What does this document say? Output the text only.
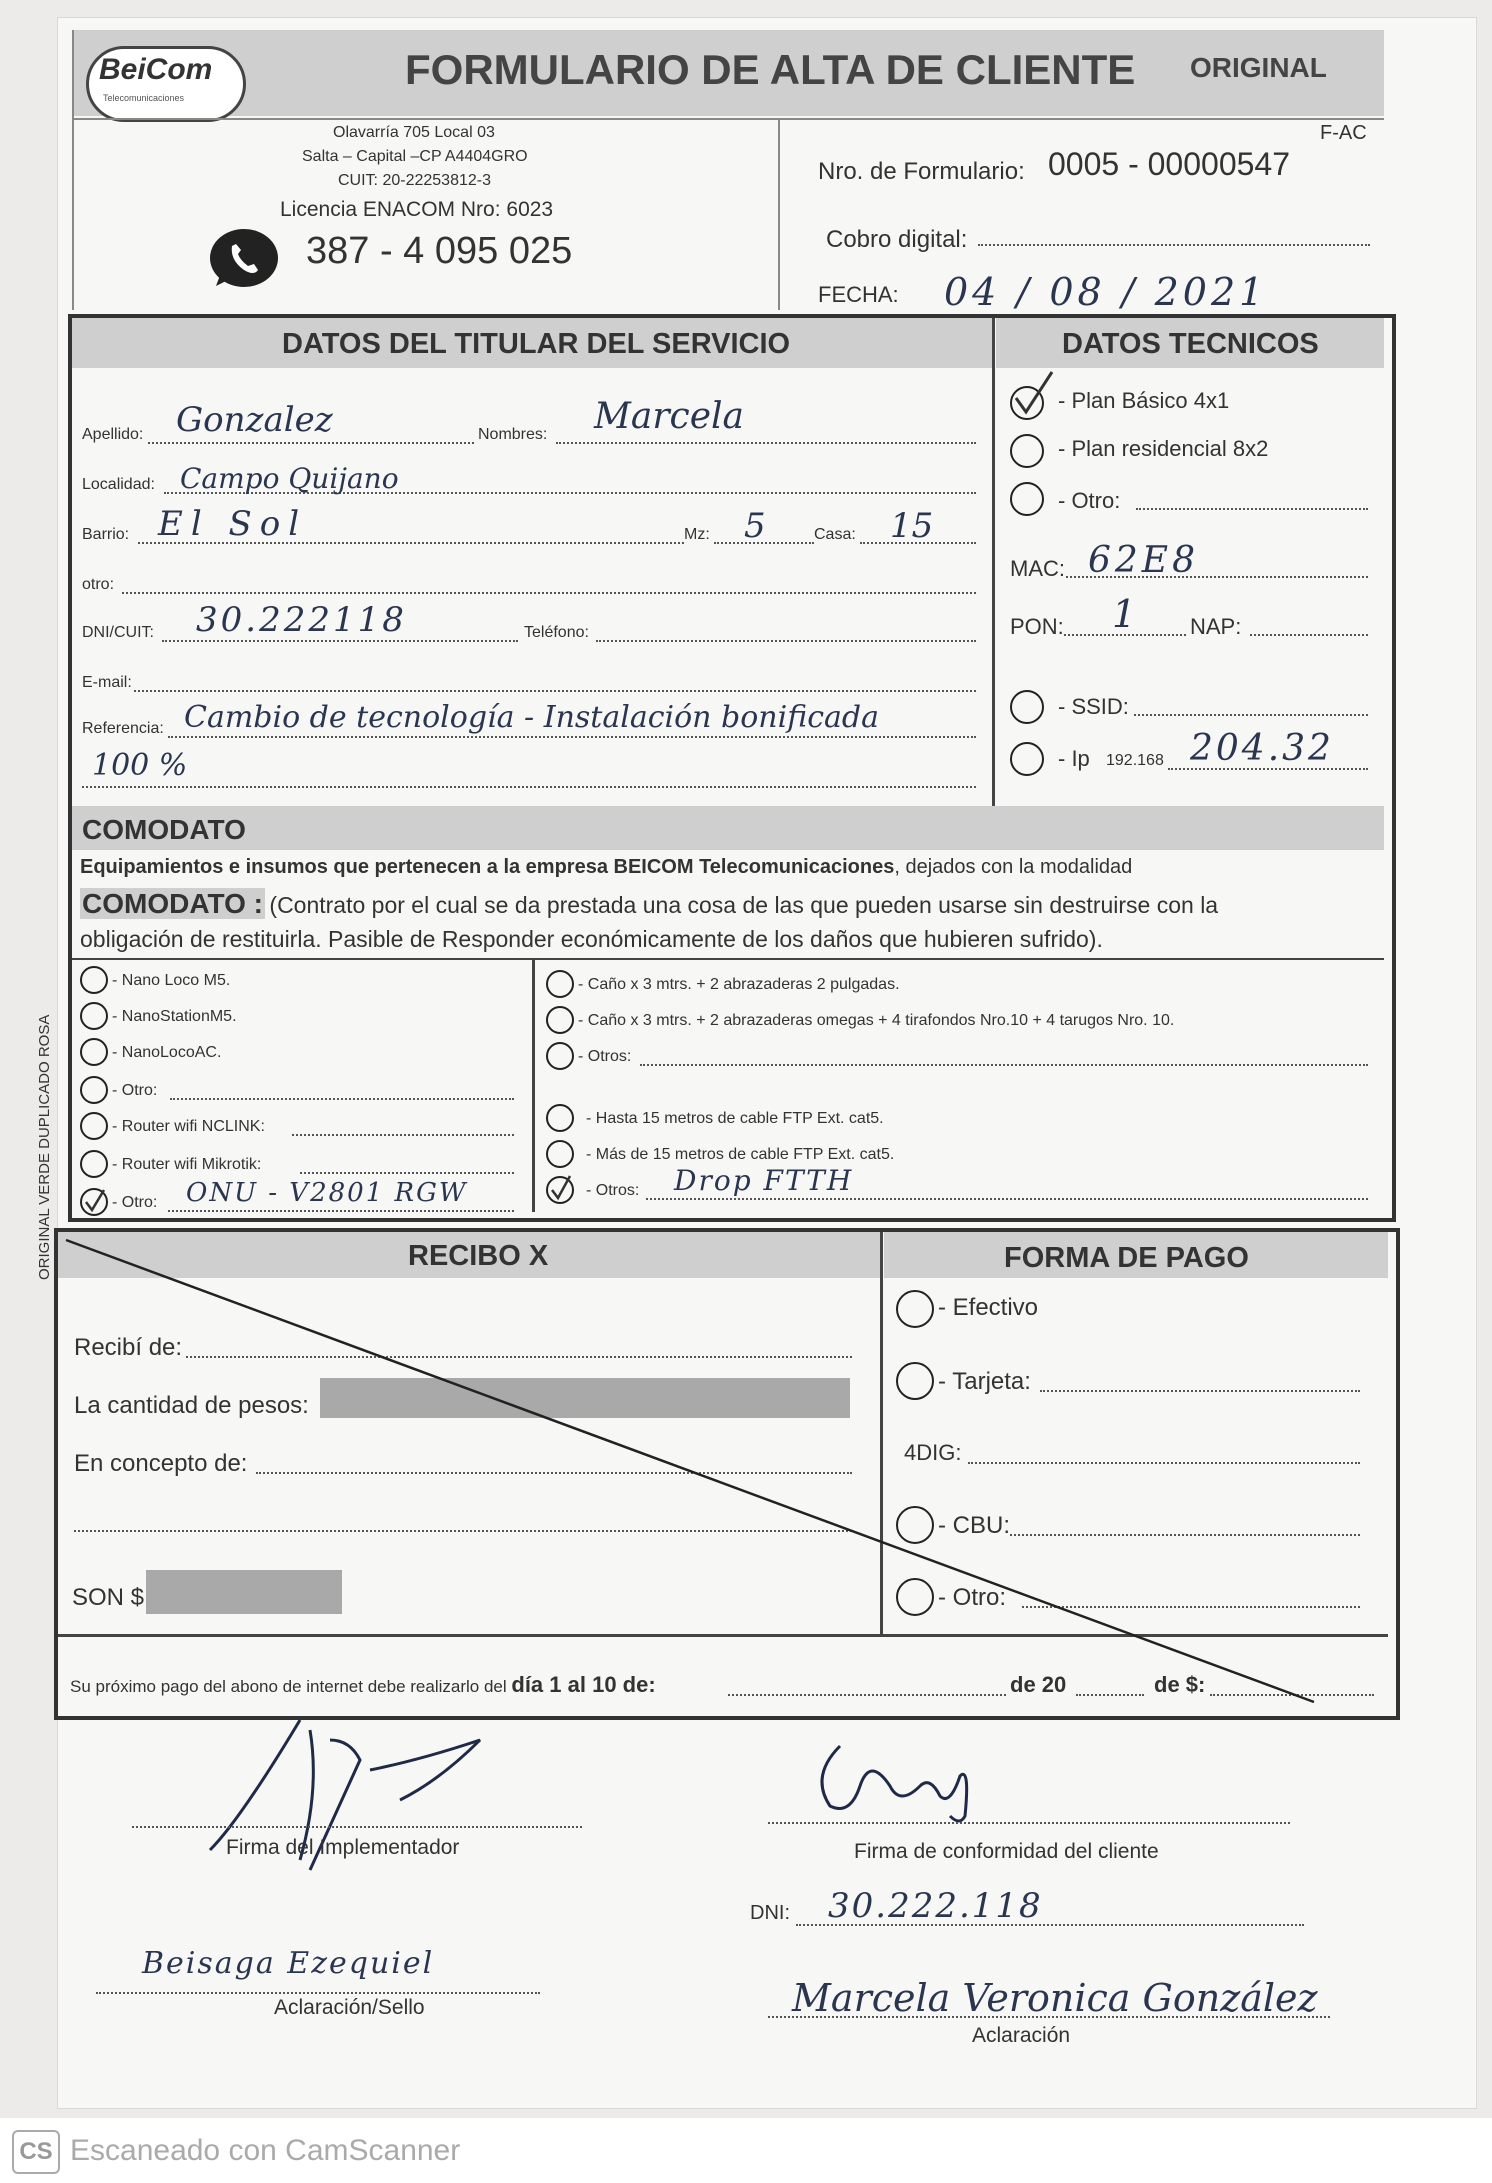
BeiCom
Telecomunicaciones
FORMULARIO DE ALTA DE CLIENTE ORIGINAL
F-AC
Olavarría 705 Local 03
Salta – Capital –CP A4404GRO
CUIT: 20-22253812-3
Licencia ENACOM Nro: 6023
387 - 4 095 025
Nro. de Formulario: 0005 - 00000547
Cobro digital:
FECHA: 04 / 08 / 2021
DATOS DEL TITULAR DEL SERVICIO	DATOS TECNICOS
Apellido: Gonzalez	Nombres: Marcela
Localidad: Campo Quijano
Barrio: El Sol	Mz: 5	Casa: 15
otro:
DNI/CUIT: 30.222118	Teléfono:
E-mail:
Referencia: Cambio de tecnología - Instalación bonificada
100 %
- Plan Básico 4x1
- Plan residencial 8x2
- Otro:
MAC: 62E8
PON: 1 NAP:
- SSID:
- Ip 192.168 204.32
COMODATO
Equipamientos e insumos que pertenecen a la empresa BEICOM Telecomunicaciones, dejados con la modalidad
COMODATO : (Contrato por el cual se da prestada una cosa de las que pueden usarse sin destruirse con la
obligación de restituirla. Pasible de Responder económicamente de los daños que hubieren sufrido).
ORIGINAL VERDE DUPLICADO ROSA
- Nano Loco M5.
- NanoStationM5.
- NanoLocoAC.
- Otro:
- Router wifi NCLINK:
- Router wifi Mikrotik:
- Otro: ONU - V2801 RGW
- Caño x 3 mtrs. + 2 abrazaderas 2 pulgadas.
- Caño x 3 mtrs. + 2 abrazaderas omegas + 4 tirafondos Nro.10 + 4 tarugos Nro. 10.
- Otros:
- Hasta 15 metros de cable FTP Ext. cat5.
- Más de 15 metros de cable FTP Ext. cat5.
- Otros: Drop FTTH
RECIBO X	FORMA DE PAGO
Recibí de:
La cantidad de pesos:
En concepto de:
SON $
- Efectivo
- Tarjeta:
4DIG:
- CBU:
- Otro:
Su próximo pago del abono de internet debe realizarlo del día 1 al 10 de:	de 20	de $:
Firma del Implementador	Firma de conformidad del cliente
DNI: 30.222.118
Beisaga Ezequiel
Aclaración/Sello	Marcela Veronica González
Aclaración
CS Escaneado con CamScanner
